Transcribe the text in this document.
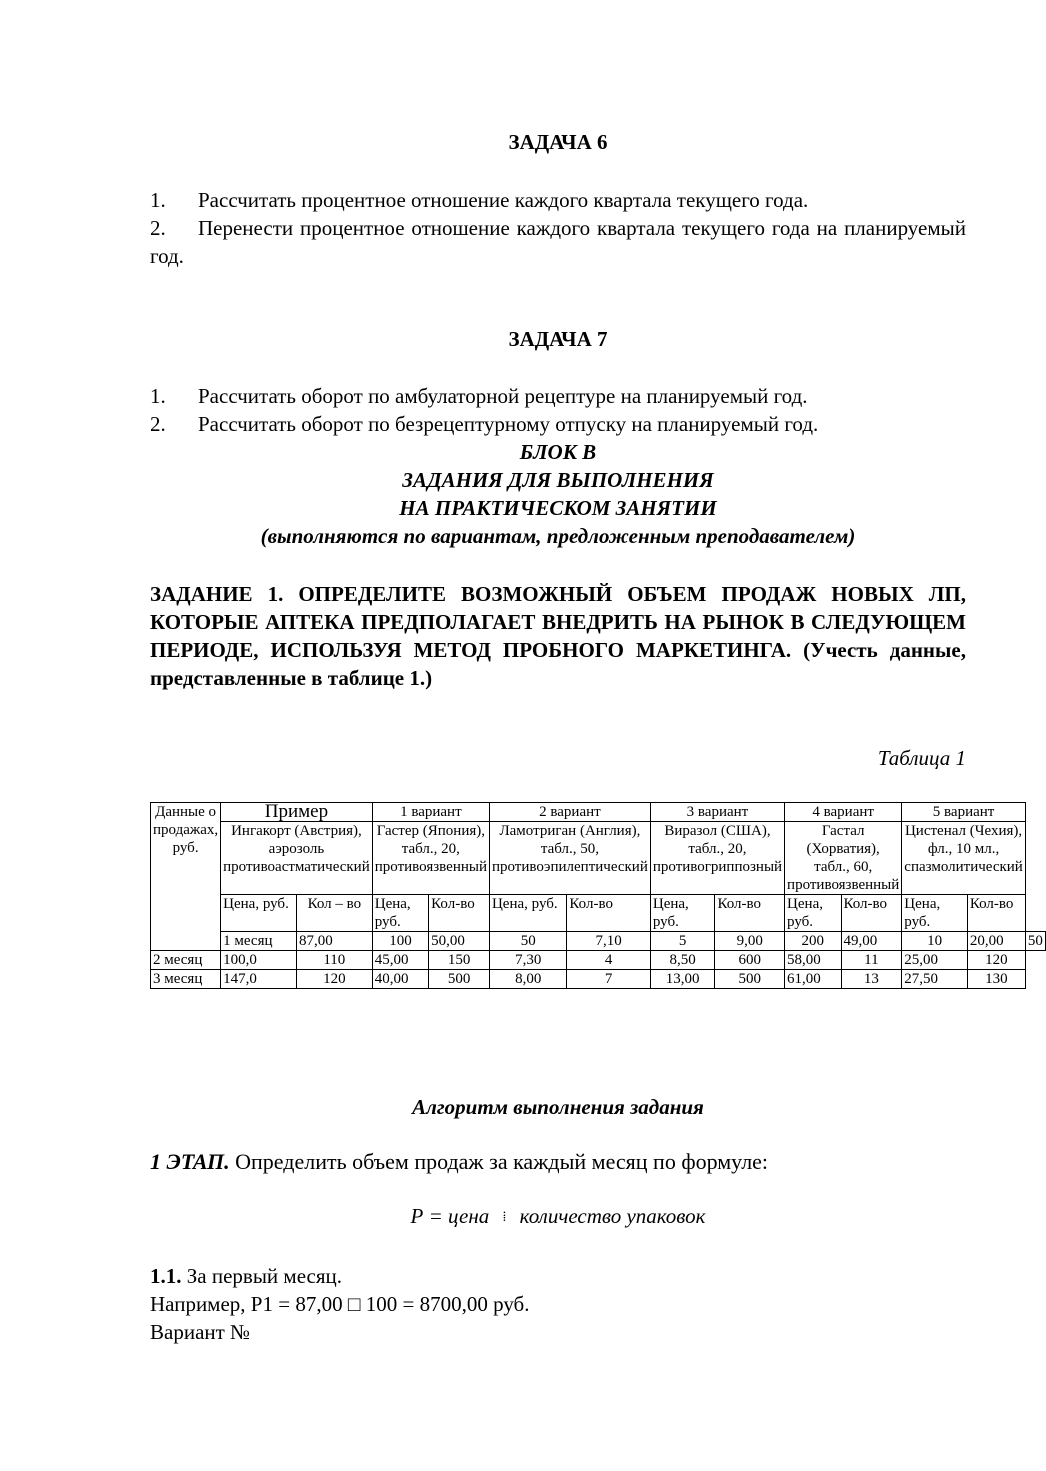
ЗАДАЧА 6
1. Рассчитать процентное отношение каждого квартала текущего года.
2. Перенести процентное отношение каждого квартала текущего года на планируемый год.
ЗАДАЧА 7
1. Рассчитать оборот по амбулаторной рецептуре на планируемый год.
2. Рассчитать оборот по безрецептурному отпуску на планируемый год.
БЛОК В
ЗАДАНИЯ ДЛЯ ВЫПОЛНЕНИЯ
НА ПРАКТИЧЕСКОМ ЗАНЯТИИ
(выполняются по вариантам, предложенным преподавателем)
ЗАДАНИЕ 1. ОПРЕДЕЛИТЕ ВОЗМОЖНЫЙ ОБЪЕМ ПРОДАЖ НОВЫХ ЛП, КОТОРЫЕ АПТЕКА ПРЕДПОЛАГАЕТ ВНЕДРИТЬ НА РЫНОК В СЛЕДУЮЩЕМ ПЕРИОДЕ, ИСПОЛЬЗУЯ МЕТОД ПРОБНОГО МАРКЕТИНГА. (Учесть данные, представленные в таблице 1.)
Таблица 1
Данные о продажах, руб.	Пример		1 вариант		2 вариант		3 вариант		4 вариант		5 вариант		
	Ингакорт (Австрия), аэрозоль противоастматический		Гастер (Япония), табл., 20, противоязвенный		Ламотриган (Англия), табл., 50, противоэпилептический		Виразол (США), табл., 20, противогриппозный		Гастал (Хорватия), табл., 60, противоязвенный		Цистенал (Чехия), фл., 10 мл., спазмолитический		
	Цена, руб.	Кол – во	Цена, руб.	Кол-во	Цена, руб.	Кол-во	Цена, руб.	Кол-во	Цена, руб.	Кол-во	Цена, руб.	Кол-во	
	1 месяц	87,00	100	50,00	50	7,10	5	9,00	200	49,00	10	20,00	50
2 месяц	100,0	110	45,00	150	7,30	4	8,50	600	58,00	11	25,00	120	
3 месяц	147,0	120	40,00	500	8,00	7	13,00	500	61,00	13	27,50	130	
Алгоритм выполнения задания
1 ЭТАП. Определить объем продаж за каждый месяц по формуле:
Р = цена ⁞ количество упаковок
1.1. За первый месяц.
Например, Р1 = 87,00 □ 100 = 8700,00 руб.
Вариант №
